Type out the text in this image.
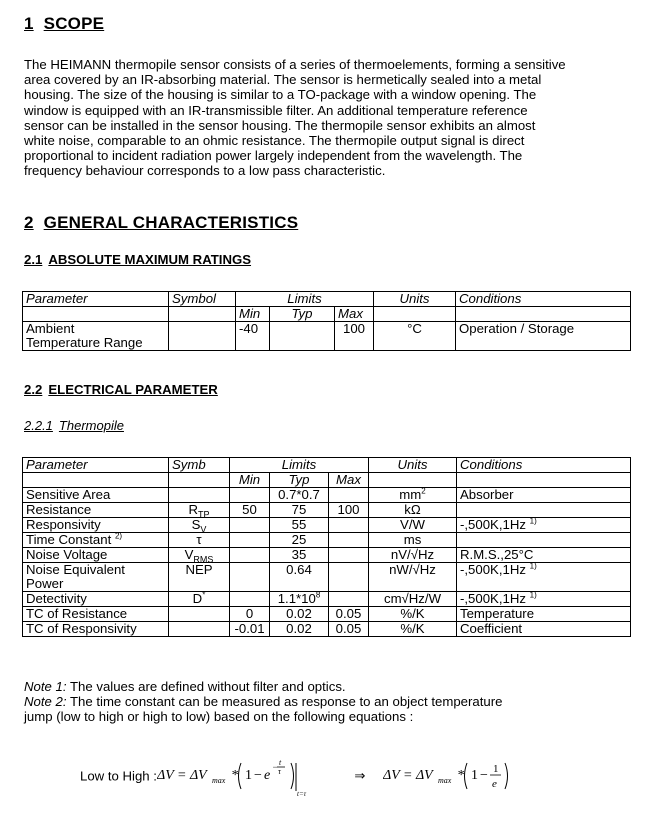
1 SCOPE
The HEIMANN thermopile sensor consists of a series of thermoelements, forming a sensitive
area covered by an IR-absorbing material. The sensor is hermetically sealed into a metal
housing. The size of the housing is similar to a TO-package with a window opening. The
window is equipped with an IR-transmissible filter. An additional temperature reference
sensor can be installed in the sensor housing. The thermopile sensor exhibits an almost
white noise, comparable to an ohmic resistance. The thermopile output signal is direct
proportional to incident radiation power largely independent from the wavelength. The
frequency behaviour corresponds to a low pass characteristic.
2 GENERAL CHARACTERISTICS
2.1 ABSOLUTE MAXIMUM RATINGS
Parameter	Symbol	Limits			Units	Conditions
		Min	Typ	Max		

Ambient
Temperature Range		-40		100	°C	Operation / Storage
2.2 ELECTRICAL PARAMETER
2.2.1 Thermopile
Parameter	Symb	Limits			Units	Conditions
		Min	Typ	Max		
Sensitive Area			0.7*0.7		$mm^2$	Absorber
Resistance	$R_{TP}$	50	75	100	kΩ	
Responsivity	$S_V$		55		V/W	-,500K,1Hz $^{1)}$
Time Constant $^{2)}$	τ		25		ms	
Noise Voltage	$V_{RMS}$		35		nV/√Hz	R.M.S.,25°C

Noise Equivalent
Power	NEP		0.64		nW/√Hz	-,500K,1Hz $^{1)}$
Detectivity	D*		$1.1*10^8$		cm√Hz/W	-,500K,1Hz $^{1)}$
TC of Resistance		0	0.02	0.05	%/K	Temperature
TC of Responsivity		-0.01	0.02	0.05	%/K	Coefficient
Note 1: The values are defined without filter and optics.
Note 2: The time constant can be measured as response to an object temperature
jump (low to high or high to low) based on the following equations :
Low to High :
ΔV = ΔV max * 1 − e
− t
τ
t=τ
⇒ ΔV = ΔV max * 1 − 1
e
